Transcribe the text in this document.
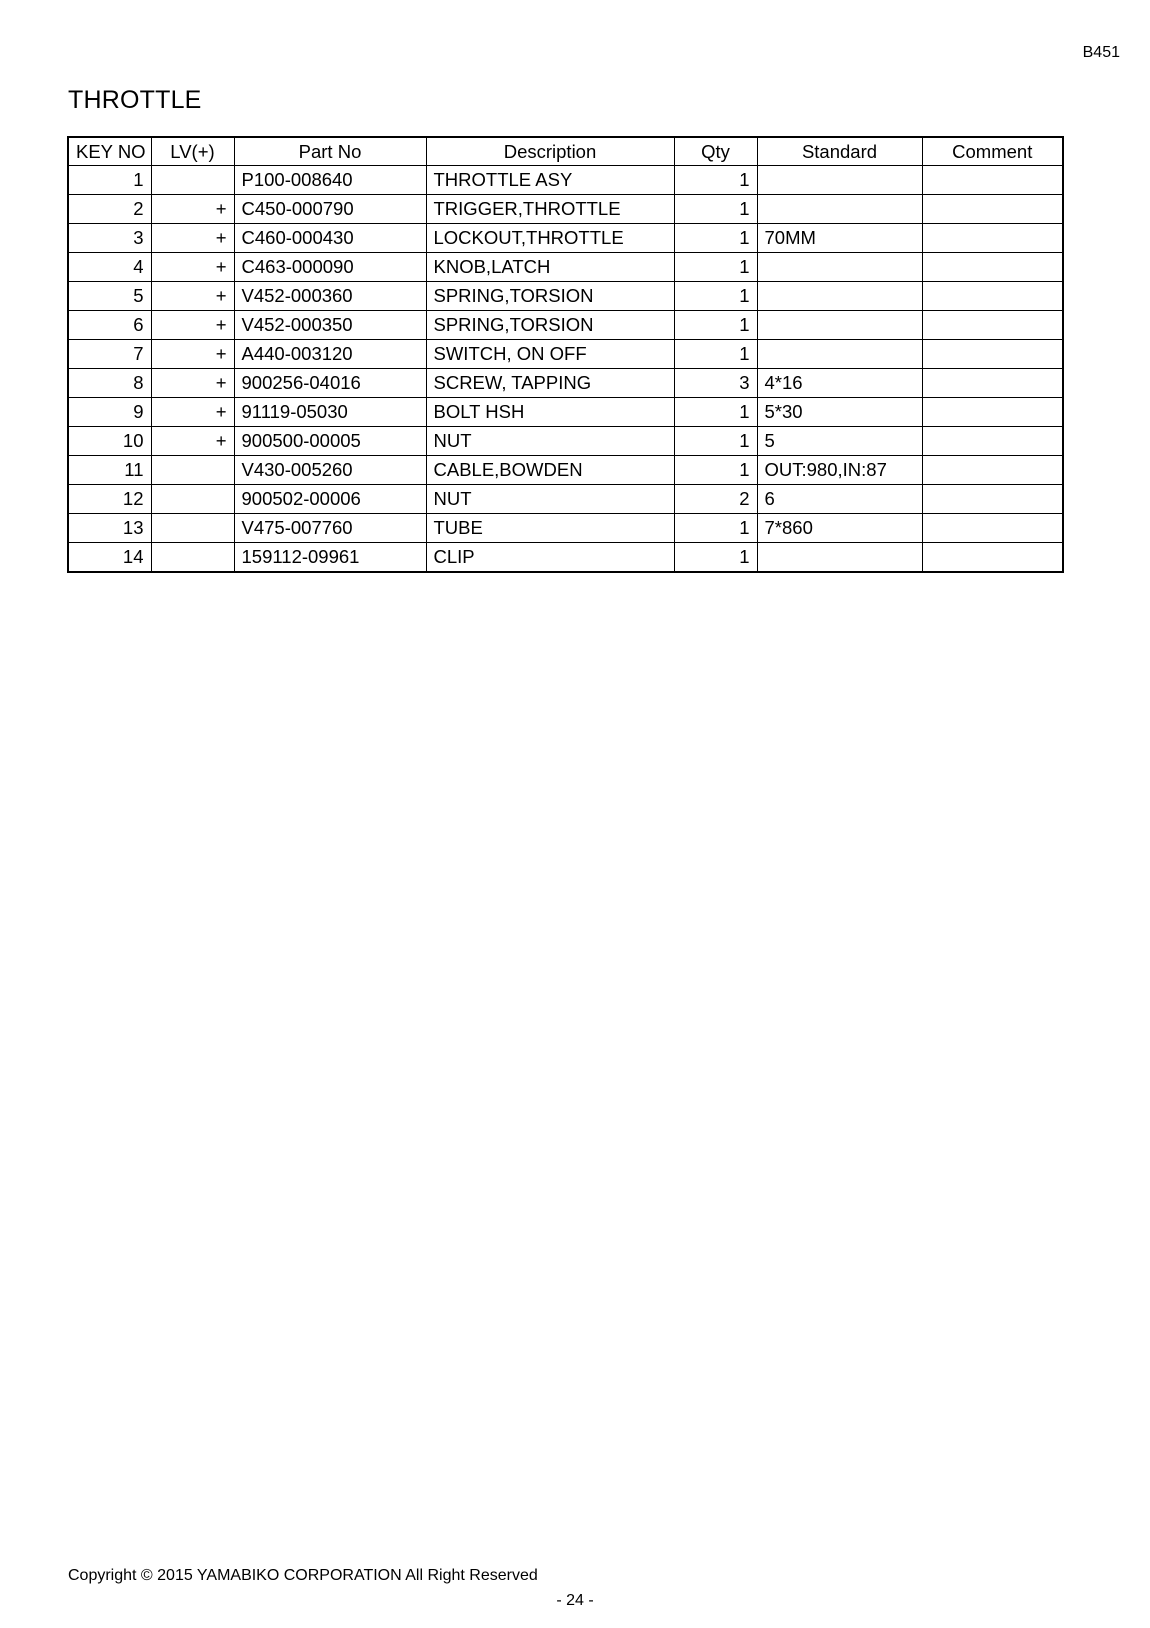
B451
THROTTLE
KEY NO	LV(+)	Part No	Description	Qty	Standard	Comment
1		P100-008640	THROTTLE ASY	1		
2	+	C450-000790	TRIGGER,THROTTLE	1		
3	+	C460-000430	LOCKOUT,THROTTLE	1	70MM	
4	+	C463-000090	KNOB,LATCH	1		
5	+	V452-000360	SPRING,TORSION	1		
6	+	V452-000350	SPRING,TORSION	1		
7	+	A440-003120	SWITCH, ON OFF	1		
8	+	900256-04016	SCREW, TAPPING	3	4*16	
9	+	91119-05030	BOLT HSH	1	5*30	
10	+	900500-00005	NUT	1	5	
11		V430-005260	CABLE,BOWDEN	1	OUT:980,IN:87	
12		900502-00006	NUT	2	6	
13		V475-007760	TUBE	1	7*860	
14		159112-09961	CLIP	1		
Copyright © 2015 YAMABIKO CORPORATION All Right Reserved
- 24 -
